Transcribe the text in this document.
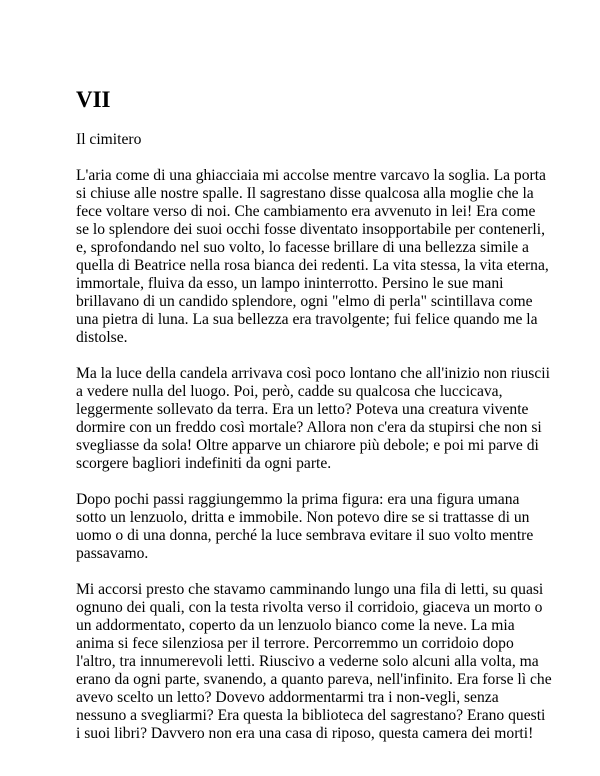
VII
Il cimitero
L'aria come di una ghiacciaia mi accolse mentre varcavo la soglia. La porta
si chiuse alle nostre spalle. Il sagrestano disse qualcosa alla moglie che la
fece voltare verso di noi. Che cambiamento era avvenuto in lei! Era come
se lo splendore dei suoi occhi fosse diventato insopportabile per contenerli,
e, sprofondando nel suo volto, lo facesse brillare di una bellezza simile a
quella di Beatrice nella rosa bianca dei redenti. La vita stessa, la vita eterna,
immortale, fluiva da esso, un lampo ininterrotto. Persino le sue mani
brillavano di un candido splendore, ogni "elmo di perla" scintillava come
una pietra di luna. La sua bellezza era travolgente; fui felice quando me la
distolse.
Ma la luce della candela arrivava così poco lontano che all'inizio non riuscii
a vedere nulla del luogo. Poi, però, cadde su qualcosa che luccicava,
leggermente sollevato da terra. Era un letto? Poteva una creatura vivente
dormire con un freddo così mortale? Allora non c'era da stupirsi che non si
svegliasse da sola! Oltre apparve un chiarore più debole; e poi mi parve di
scorgere bagliori indefiniti da ogni parte.
Dopo pochi passi raggiungemmo la prima figura: era una figura umana
sotto un lenzuolo, dritta e immobile. Non potevo dire se si trattasse di un
uomo o di una donna, perché la luce sembrava evitare il suo volto mentre
passavamo.
Mi accorsi presto che stavamo camminando lungo una fila di letti, su quasi
ognuno dei quali, con la testa rivolta verso il corridoio, giaceva un morto o
un addormentato, coperto da un lenzuolo bianco come la neve. La mia
anima si fece silenziosa per il terrore. Percorremmo un corridoio dopo
l'altro, tra innumerevoli letti. Riuscivo a vederne solo alcuni alla volta, ma
erano da ogni parte, svanendo, a quanto pareva, nell'infinito. Era forse lì che
avevo scelto un letto? Dovevo addormentarmi tra i non-vegli, senza
nessuno a svegliarmi? Era questa la biblioteca del sagrestano? Erano questi
i suoi libri? Davvero non era una casa di riposo, questa camera dei morti!
